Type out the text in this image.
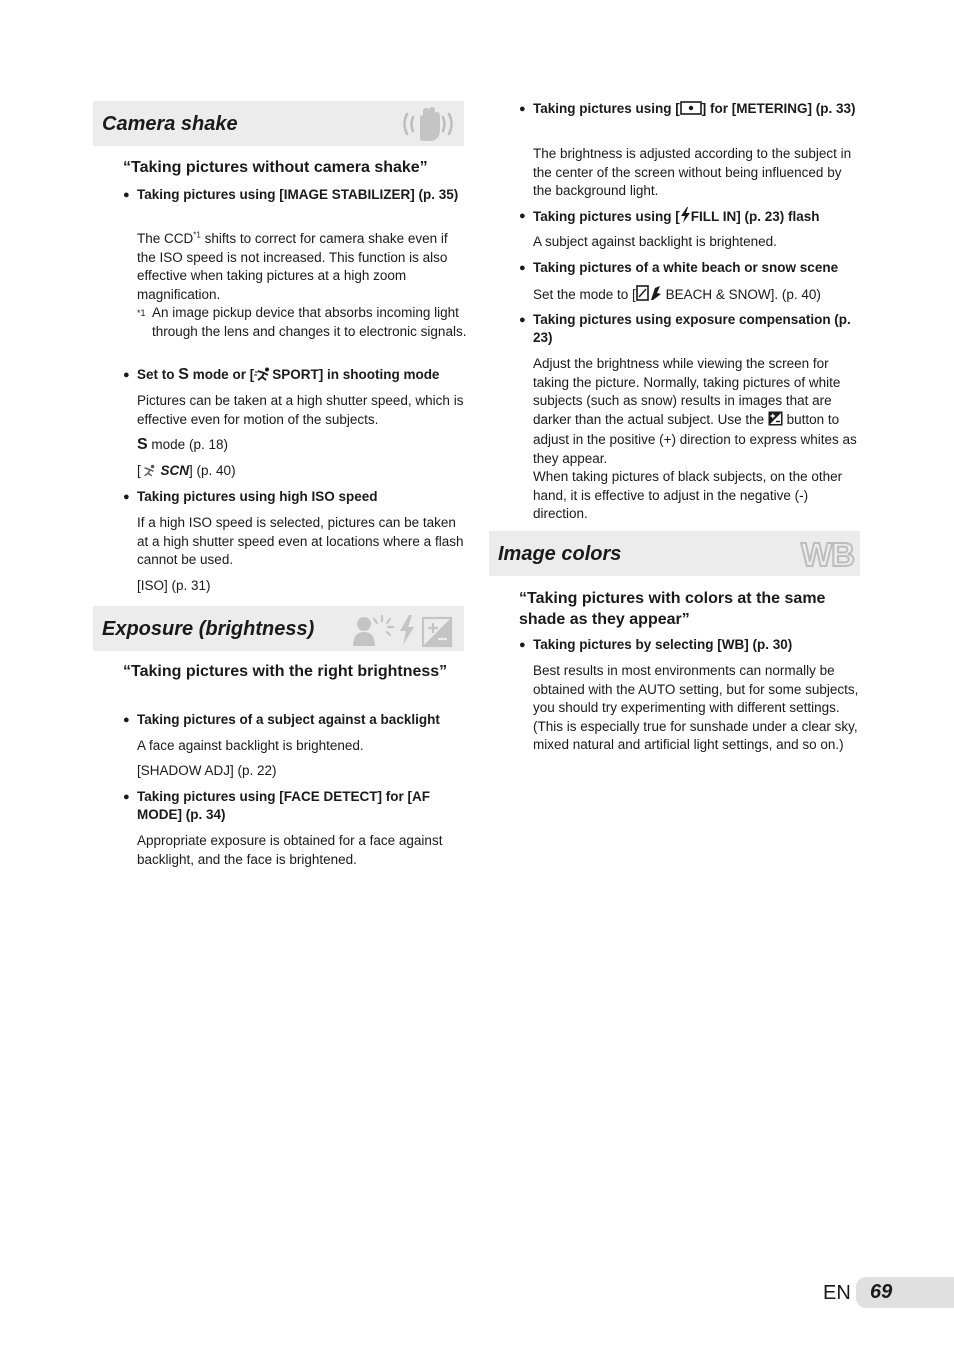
Camera shake
“Taking pictures without camera shake”
● Taking pictures using [IMAGE STABILIZER] (p. 35)
The CCD$^{*1}$ shifts to correct for camera shake even if the ISO speed is not increased. This function is also effective when taking pictures at a high zoom magnification.
*1 An image pickup device that absorbs incoming light through the lens and changes it to electronic signals.
● Set to S mode or [ SPORT] in shooting mode
Pictures can be taken at a high shutter speed, which is effective even for motion of the subjects.
S mode (p. 18)
[ SCN] (p. 40)
● Taking pictures using high ISO speed
If a high ISO speed is selected, pictures can be taken at a high shutter speed even at locations where a flash cannot be used.
[ISO] (p. 31)
Exposure (brightness)
“Taking pictures with the right brightness”
● Taking pictures of a subject against a backlight
A face against backlight is brightened.
[SHADOW ADJ] (p. 22)
● Taking pictures using [FACE DETECT] for [AF MODE] (p. 34)
Appropriate exposure is obtained for a face against backlight, and the face is brightened.
● Taking pictures using [ ] for [METERING] (p. 33)
The brightness is adjusted according to the subject in the center of the screen without being influenced by the background light.
● Taking pictures using [ FILL IN] (p. 23) flash
A subject against backlight is brightened.
● Taking pictures of a white beach or snow scene
Set the mode to [ BEACH & SNOW]. (p. 40)
● Taking pictures using exposure compensation (p. 23)
Adjust the brightness while viewing the screen for taking the picture. Normally, taking pictures of white subjects (such as snow) results in images that are darker than the actual subject. Use the  button to adjust in the positive (+) direction to express whites as they appear.
When taking pictures of black subjects, on the other hand, it is effective to adjust in the negative (-) direction.
Image colors	WB
“Taking pictures with colors at the same shade as they appear”
● Taking pictures by selecting [WB] (p. 30)
Best results in most environments can normally be obtained with the AUTO setting, but for some subjects, you should try experimenting with different settings. (This is especially true for sunshade under a clear sky, mixed natural and artificial light settings, and so on.)
EN 69
